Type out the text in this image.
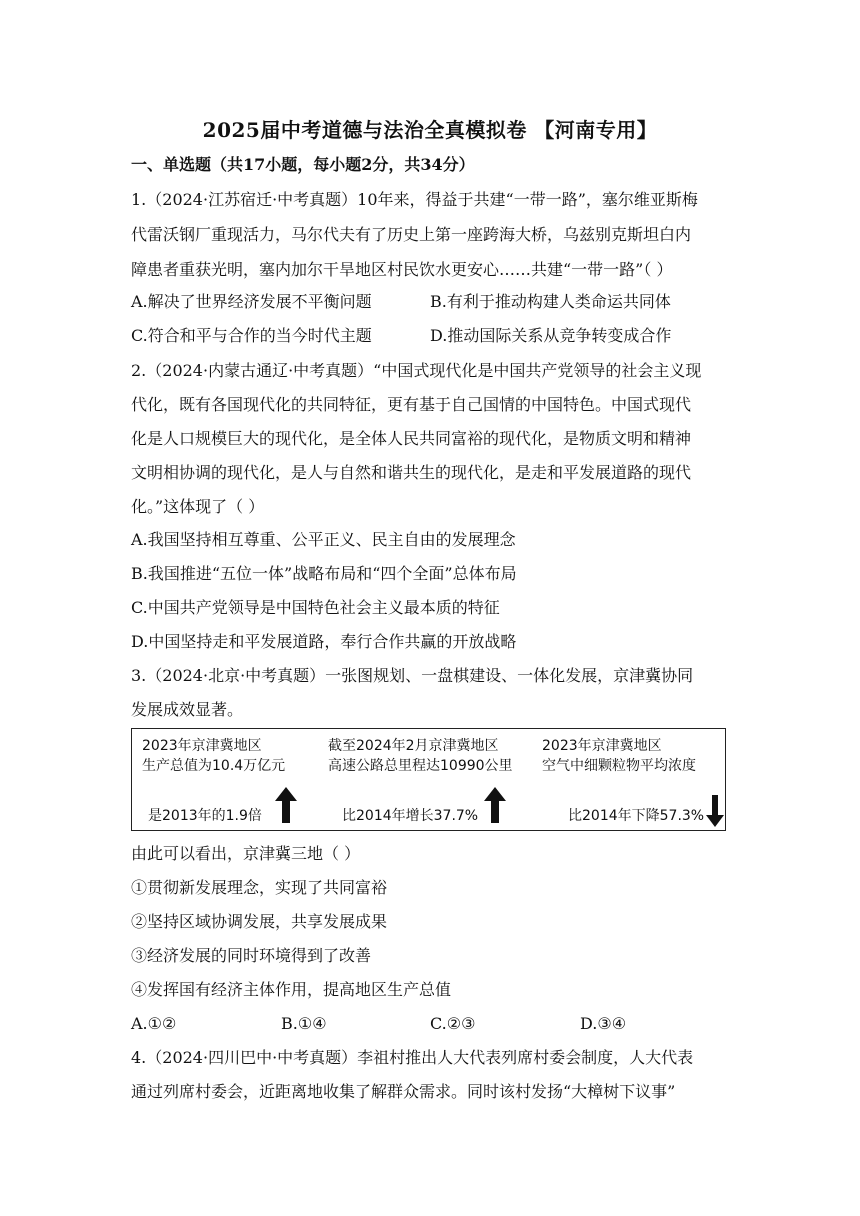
2025届中考道德与法治全真模拟卷 【河南专用】
一、单选题（共17小题，每小题2分，共34分）
1.（2024·江苏宿迁·中考真题）10年来，得益于共建“一带一路”，塞尔维亚斯梅
代雷沃钢厂重现活力，马尔代夫有了历史上第一座跨海大桥，乌兹别克斯坦白内
障患者重获光明，塞内加尔干旱地区村民饮水更安心……共建“一带一路”（ ）
A.解决了世界经济发展不平衡问题	B.有利于推动构建人类命运共同体
C.符合和平与合作的当今时代主题	D.推动国际关系从竞争转变成合作
2.（2024·内蒙古通辽·中考真题）“中国式现代化是中国共产党领导的社会主义现
代化，既有各国现代化的共同特征，更有基于自己国情的中国特色。中国式现代
化是人口规模巨大的现代化，是全体人民共同富裕的现代化，是物质文明和精神
文明相协调的现代化，是人与自然和谐共生的现代化，是走和平发展道路的现代
化。”这体现了（ ）
A.我国坚持相互尊重、公平正义、民主自由的发展理念
B.我国推进“五位一体”战略布局和“四个全面”总体布局
C.中国共产党领导是中国特色社会主义最本质的特征
D.中国坚持走和平发展道路，奉行合作共赢的开放战略
3.（2024·北京·中考真题）一张图规划、一盘棋建设、一体化发展，京津冀协同
发展成效显著。
2023年京津冀地区
生产总值为10.4万亿元
是2013年的1.9倍
截至2024年2月京津冀地区
高速公路总里程达10990公里
比2014年增长37.7%
2023年京津冀地区
空气中细颗粒物平均浓度
比2014年下降57.3%
由此可以看出，京津冀三地（ ）
①贯彻新发展理念，实现了共同富裕
②坚持区域协调发展，共享发展成果
③经济发展的同时环境得到了改善
④发挥国有经济主体作用，提高地区生产总值
A.①②	B.①④	C.②③	D.③④
4.（2024·四川巴中·中考真题）李祖村推出人大代表列席村委会制度，人大代表
通过列席村委会，近距离地收集了解群众需求。同时该村发扬“大樟树下议事”
